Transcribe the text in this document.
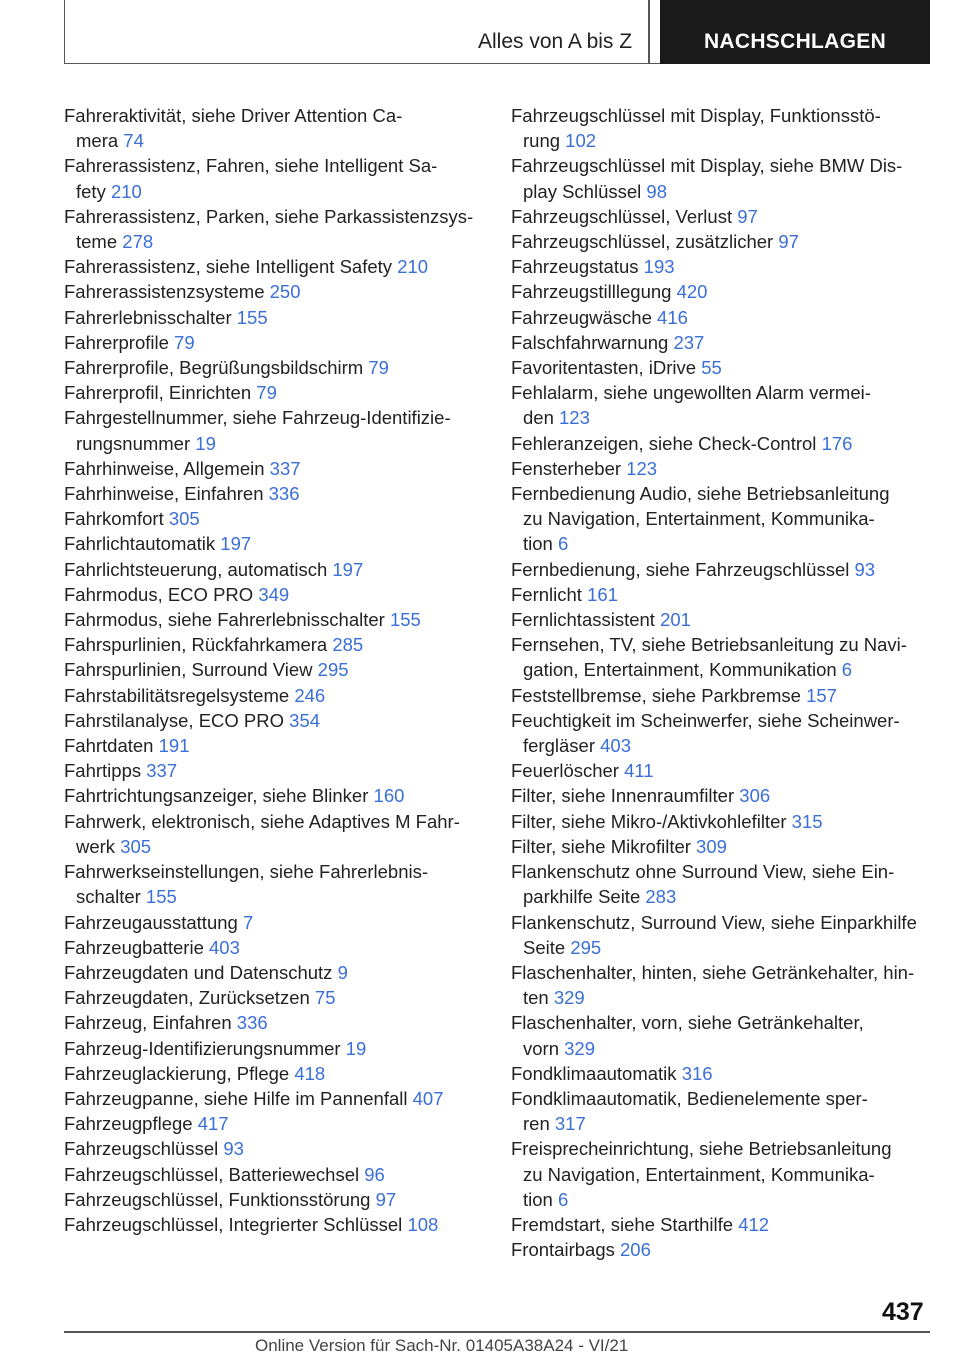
Alles von A bis Z	NACHSCHLAGEN
Fahreraktivität, siehe Driver Attention Ca-
mera 74
Fahrerassistenz, Fahren, siehe Intelligent Sa-
fety 210
Fahrerassistenz, Parken, siehe Parkassistenzsys-
teme 278
Fahrerassistenz, siehe Intelligent Safety 210
Fahrerassistenzsysteme 250
Fahrerlebnisschalter 155
Fahrerprofile 79
Fahrerprofile, Begrüßungsbildschirm 79
Fahrerprofil, Einrichten 79
Fahrgestellnummer, siehe Fahrzeug-Identifizie-
rungsnummer 19
Fahrhinweise, Allgemein 337
Fahrhinweise, Einfahren 336
Fahrkomfort 305
Fahrlichtautomatik 197
Fahrlichtsteuerung, automatisch 197
Fahrmodus, ECO PRO 349
Fahrmodus, siehe Fahrerlebnisschalter 155
Fahrspurlinien, Rückfahrkamera 285
Fahrspurlinien, Surround View 295
Fahrstabilitätsregelsysteme 246
Fahrstilanalyse, ECO PRO 354
Fahrtdaten 191
Fahrtipps 337
Fahrtrichtungsanzeiger, siehe Blinker 160
Fahrwerk, elektronisch, siehe Adaptives M Fahr-
werk 305
Fahrwerkseinstellungen, siehe Fahrerlebnis-
schalter 155
Fahrzeugausstattung 7
Fahrzeugbatterie 403
Fahrzeugdaten und Datenschutz 9
Fahrzeugdaten, Zurücksetzen 75
Fahrzeug, Einfahren 336
Fahrzeug-Identifizierungsnummer 19
Fahrzeuglackierung, Pflege 418
Fahrzeugpanne, siehe Hilfe im Pannenfall 407
Fahrzeugpflege 417
Fahrzeugschlüssel 93
Fahrzeugschlüssel, Batteriewechsel 96
Fahrzeugschlüssel, Funktionsstörung 97
Fahrzeugschlüssel, Integrierter Schlüssel 108
Fahrzeugschlüssel mit Display, Funktionsstö-
rung 102
Fahrzeugschlüssel mit Display, siehe BMW Dis-
play Schlüssel 98
Fahrzeugschlüssel, Verlust 97
Fahrzeugschlüssel, zusätzlicher 97
Fahrzeugstatus 193
Fahrzeugstilllegung 420
Fahrzeugwäsche 416
Falschfahrwarnung 237
Favoritentasten, iDrive 55
Fehlalarm, siehe ungewollten Alarm vermei-
den 123
Fehleranzeigen, siehe Check-Control 176
Fensterheber 123
Fernbedienung Audio, siehe Betriebsanleitung
zu Navigation, Entertainment, Kommunika-
tion 6
Fernbedienung, siehe Fahrzeugschlüssel 93
Fernlicht 161
Fernlichtassistent 201
Fernsehen, TV, siehe Betriebsanleitung zu Navi-
gation, Entertainment, Kommunikation 6
Feststellbremse, siehe Parkbremse 157
Feuchtigkeit im Scheinwerfer, siehe Scheinwer-
fergläser 403
Feuerlöscher 411
Filter, siehe Innenraumfilter 306
Filter, siehe Mikro-/Aktivkohlefilter 315
Filter, siehe Mikrofilter 309
Flankenschutz ohne Surround View, siehe Ein-
parkhilfe Seite 283
Flankenschutz, Surround View, siehe Einparkhilfe
Seite 295
Flaschenhalter, hinten, siehe Getränkehalter, hin-
ten 329
Flaschenhalter, vorn, siehe Getränkehalter,
vorn 329
Fondklimaautomatik 316
Fondklimaautomatik, Bedienelemente sper-
ren 317
Freisprecheinrichtung, siehe Betriebsanleitung
zu Navigation, Entertainment, Kommunika-
tion 6
Fremdstart, siehe Starthilfe 412
Frontairbags 206
437
Online Version für Sach-Nr. 01405A38A24 - VI/21
